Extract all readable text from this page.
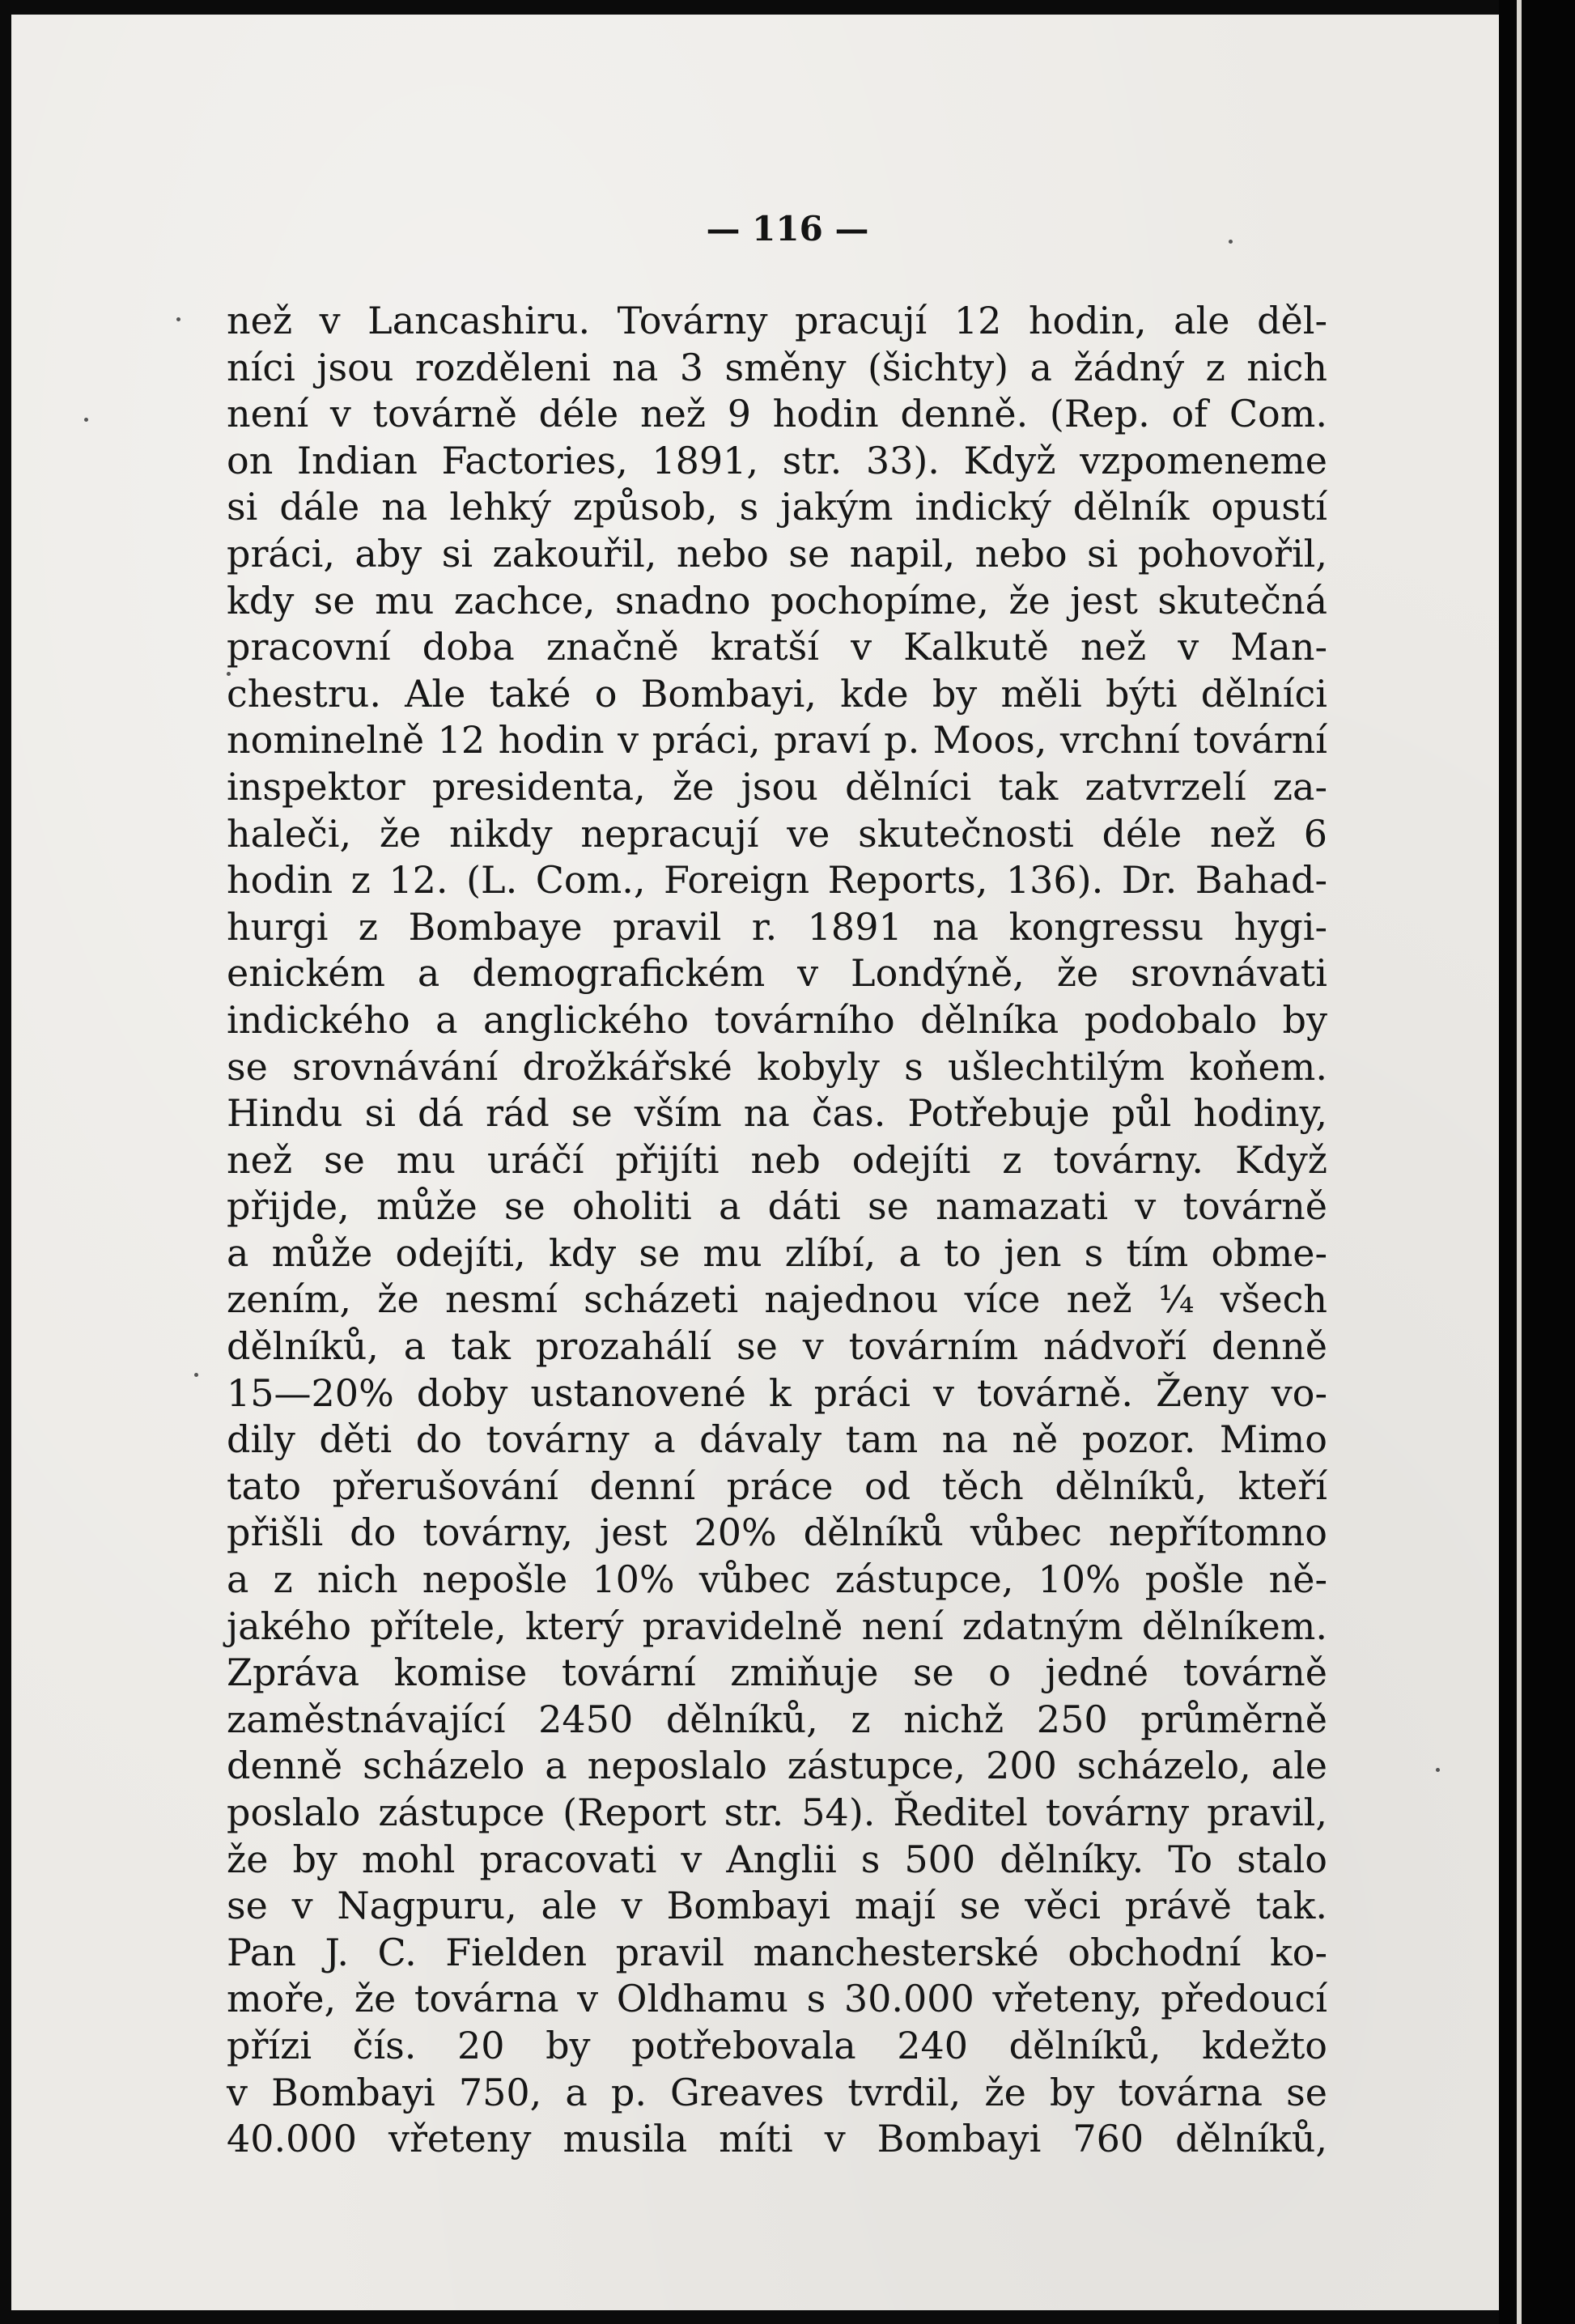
— 116 —
než v Lancashiru. Továrny pracují 12 hodin, ale děl-
níci jsou rozděleni na 3 směny (šichty) a žádný z nich
není v továrně déle než 9 hodin denně. (Rep. of Com.
on Indian Factories, 1891, str. 33). Když vzpomeneme
si dále na lehký způsob, s jakým indický dělník opustí
práci, aby si zakouřil, nebo se napil, nebo si pohovořil,
kdy se mu zachce, snadno pochopíme, že jest skutečná
pracovní doba značně kratší v Kalkutě než v Man-
chestru. Ale také o Bombayi, kde by měli býti dělníci
nominelně 12 hodin v práci, praví p. Moos, vrchní tovární
inspektor presidenta, že jsou dělníci tak zatvrzelí za-
haleči, že nikdy nepracují ve skutečnosti déle než 6
hodin z 12. (L. Com., Foreign Reports, 136). Dr. Bahad-
hurgi z Bombaye pravil r. 1891 na kongressu hygi-
enickém a demografickém v Londýně, že srovnávati
indického a anglického továrního dělníka podobalo by
se srovnávání drožkářské kobyly s ušlechtilým koňem.
Hindu si dá rád se vším na čas. Potřebuje půl hodiny,
než se mu uráčí přijíti neb odejíti z továrny. Když
přijde, může se oholiti a dáti se namazati v továrně
a může odejíti, kdy se mu zlíbí, a to jen s tím obme-
zením, že nesmí scházeti najednou více než ¼ všech
dělníků, a tak prozahálí se v továrním nádvoří denně
15—20% doby ustanovené k práci v továrně. Ženy vo-
dily děti do továrny a dávaly tam na ně pozor. Mimo
tato přerušování denní práce od těch dělníků, kteří
přišli do továrny, jest 20% dělníků vůbec nepřítomno
a z nich nepošle 10% vůbec zástupce, 10% pošle ně-
jakého přítele, který pravidelně není zdatným dělníkem.
Zpráva komise tovární zmiňuje se o jedné továrně
zaměstnávající 2450 dělníků, z nichž 250 průměrně
denně scházelo a neposlalo zástupce, 200 scházelo, ale
poslalo zástupce (Report str. 54). Ředitel továrny pravil,
že by mohl pracovati v Anglii s 500 dělníky. To stalo
se v Nagpuru, ale v Bombayi mají se věci právě tak.
Pan J. C. Fielden pravil manchesterské obchodní ko-
moře, že továrna v Oldhamu s 30.000 vřeteny, předoucí
přízi čís. 20 by potřebovala 240 dělníků, kdežto
v Bombayi 750, a p. Greaves tvrdil, že by továrna se
40.000 vřeteny musila míti v Bombayi 760 dělníků,
